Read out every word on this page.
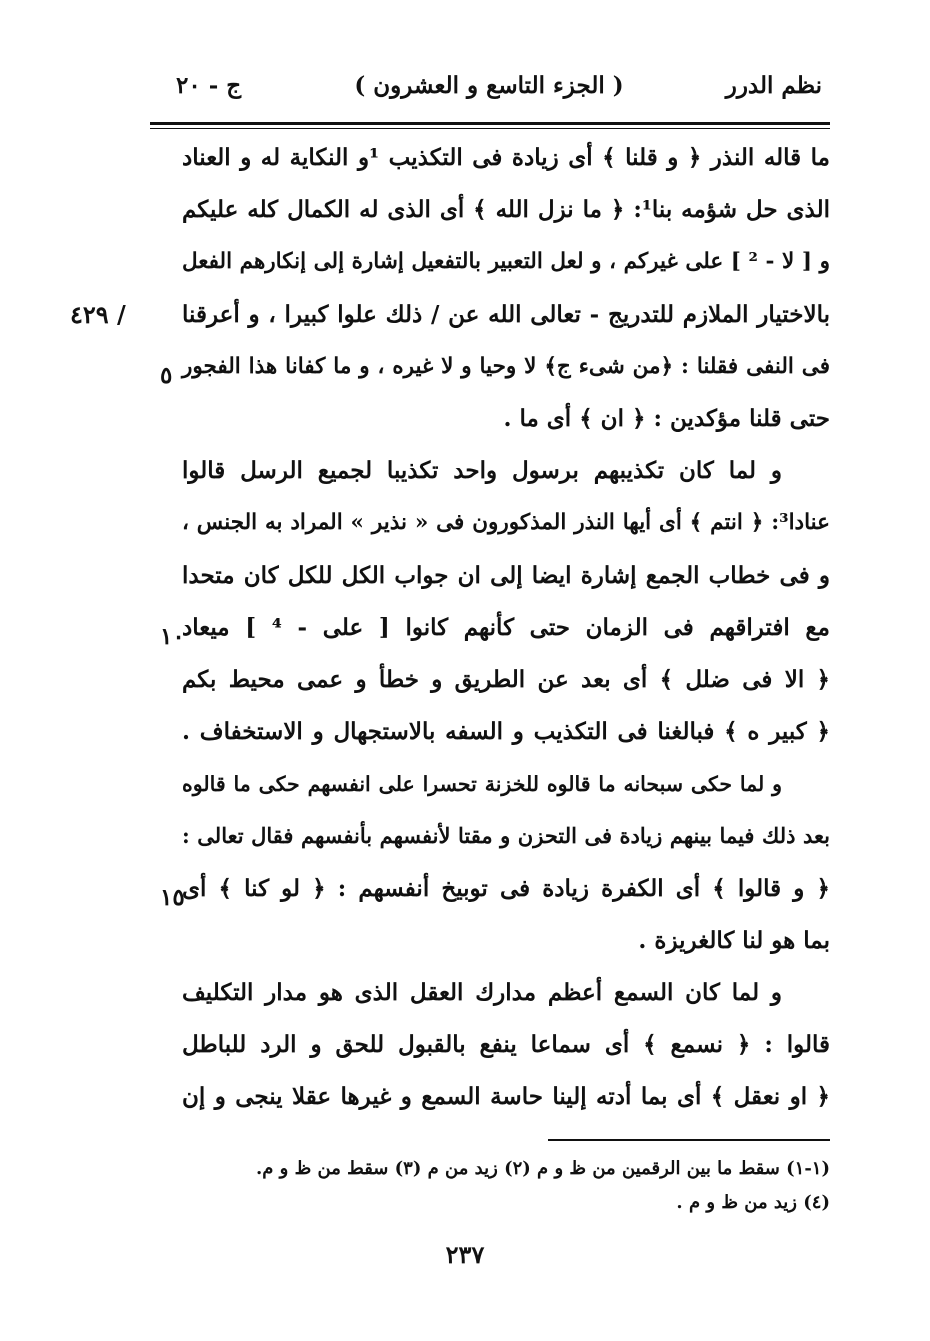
نظم الدرر
( الجزء التاسع و العشرون )
ج - ٢٠
/ ٤٢٩
٥
١٠
١٥
ما قاله النذر ﴿ و قلنا ﴾ أى زيادة فى التكذيب ¹و النكاية له و العناد
الذى حل شؤمه بنا¹: ﴿ ما نزل الله ﴾ أى الذى له الكمال كله عليكم
و [ لا - ² ] على غيركم ، و لعل التعبير بالتفعيل إشارة إلى إنكارهم الفعل
بالاختيار الملازم للتدريج - تعالى الله عن / ذلك علوا كبيرا ، و أعرقنا
فى النفى فقلنا : ﴿من شىء ج﴾ لا وحيا و لا غيره ، و ما كفانا هذا الفجور
حتى قلنا مؤكدين : ﴿ ان ﴾ أى ما .
و لما كان تكذيبهم برسول واحد تكذيبا لجميع الرسل قالوا
عنادا³: ﴿ انتم ﴾ أى أيها النذر المذكورون فى « نذير » المراد به الجنس ،
و فى خطاب الجمع إشارة ايضا إلى ان جواب الكل للكل كان متحدا
مع افتراقهم فى الزمان حتى كأنهم كانوا [ على - ⁴ ] ميعاد
﴿ الا فى ضلل ﴾ أى بعد عن الطريق و خطأ و عمى محيط بكم
﴿ كبير ه ﴾ فبالغنا فى التكذيب و السفه بالاستجهال و الاستخفاف .
و لما حكى سبحانه ما قالوه للخزنة تحسرا على انفسهم حكى ما قالوه
بعد ذلك فيما بينهم زيادة فى التحزن و مقتا لأنفسهم بأنفسهم فقال تعالى :
﴿ و قالوا ﴾ أى الكفرة زيادة فى توبيخ أنفسهم : ﴿ لو كنا ﴾ أى
بما هو لنا كالغريزة .
و لما كان السمع أعظم مدارك العقل الذى هو مدار التكليف
قالوا : ﴿ نسمع ﴾ أى سماعا ينفع بالقبول للحق و الرد للباطل
﴿ او نعقل ﴾ أى بما أدته إلينا حاسة السمع و غيرها عقلا ينجى و إن
(١-١) سقط ما بين الرقمين من ظ و م (٢) زيد من م (٣) سقط من ظ و م.
(٤) زيد من ظ و م .
٢٣٧
